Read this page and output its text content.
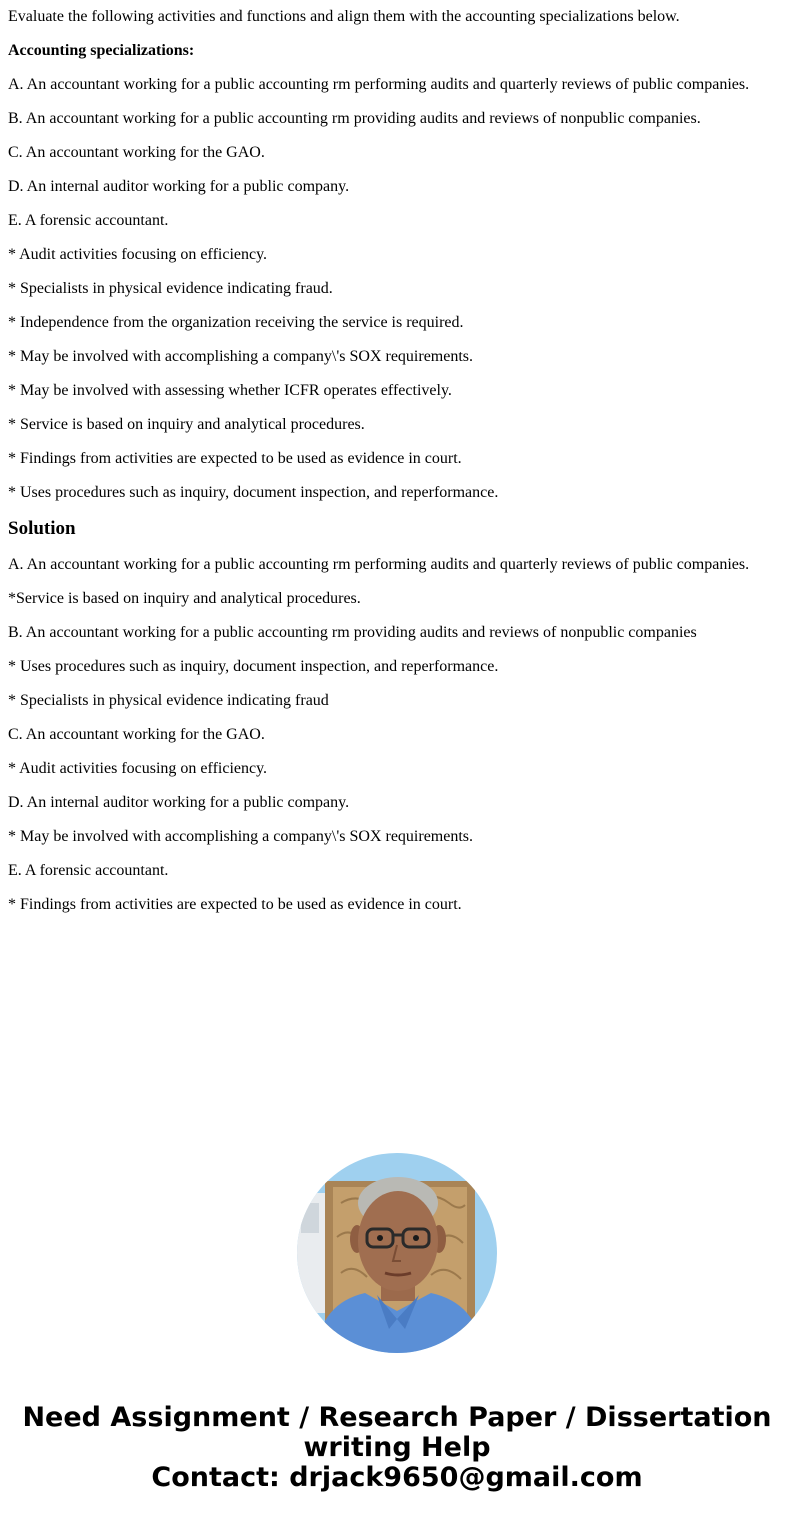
Evaluate the following activities and functions and align them with the accounting specializations below.

Accounting specializations:

A. An accountant working for a public accounting rm performing audits and quarterly reviews of public companies.

B. An accountant working for a public accounting rm providing audits and reviews of nonpublic companies.

C. An accountant working for the GAO.

D. An internal auditor working for a public company.

E. A forensic accountant.

* Audit activities focusing on efficiency.

* Specialists in physical evidence indicating fraud.

* Independence from the organization receiving the service is required.

* May be involved with accomplishing a company\'s SOX requirements.

* May be involved with assessing whether ICFR operates effectively.

* Service is based on inquiry and analytical procedures.

* Findings from activities are expected to be used as evidence in court.

* Uses procedures such as inquiry, document inspection, and reperformance.

Solution

A. An accountant working for a public accounting rm performing audits and quarterly reviews of public companies.

*Service is based on inquiry and analytical procedures.

B. An accountant working for a public accounting rm providing audits and reviews of nonpublic companies

* Uses procedures such as inquiry, document inspection, and reperformance.

* Specialists in physical evidence indicating fraud

C. An accountant working for the GAO.

* Audit activities focusing on efficiency.

D. An internal auditor working for a public company.

* May be involved with accomplishing a company\'s SOX requirements.

E. A forensic accountant.

* Findings from activities are expected to be used as evidence in court.

Need Assignment / Research Paper / Dissertation
writing Help
Contact: drjack9650@gmail.com
